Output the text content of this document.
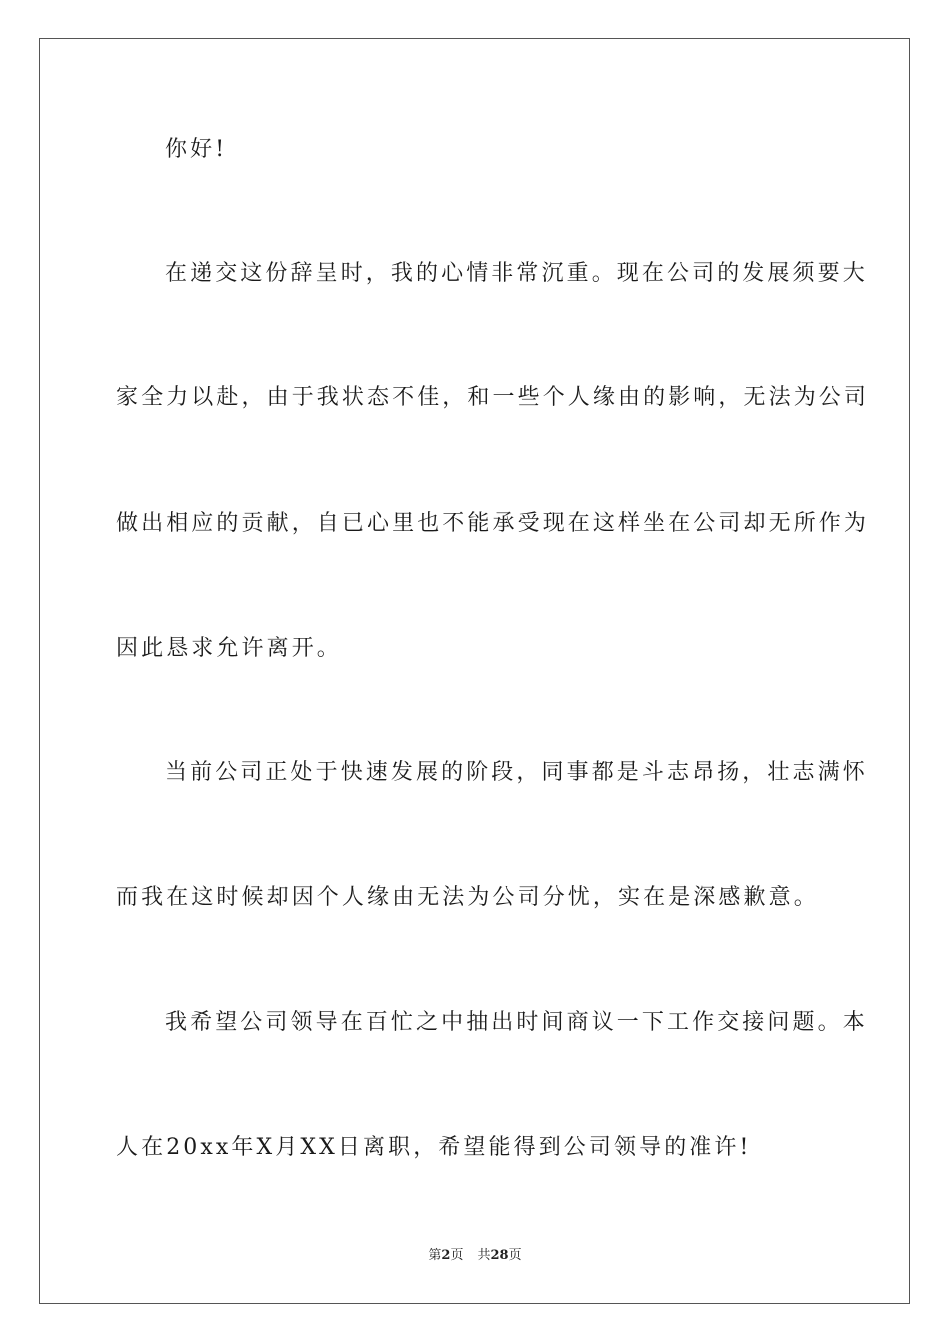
你好!
在递交这份辞呈时，我的心情非常沉重。现在公司的发展须要大
家全力以赴，由于我状态不佳，和一些个人缘由的影响，无法为公司
做出相应的贡献，自已心里也不能承受现在这样坐在公司却无所作为
因此恳求允许离开。
当前公司正处于快速发展的阶段，同事都是斗志昂扬，壮志满怀
而我在这时候却因个人缘由无法为公司分忧，实在是深感歉意。
我希望公司领导在百忙之中抽出时间商议一下工作交接问题。本
人在20xx年X月XX日离职，希望能得到公司领导的准许!
第2页 共28页
